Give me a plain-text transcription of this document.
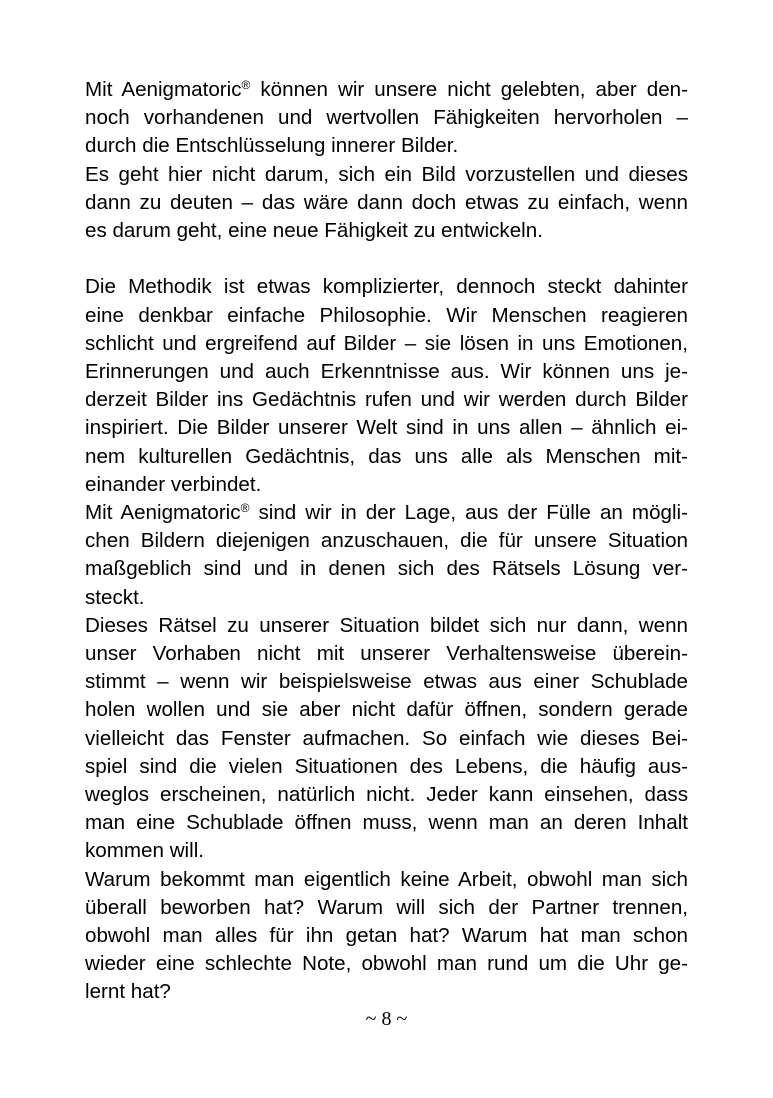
Mit Aenigmatoric® können wir unsere nicht gelebten, aber den-
noch vorhandenen und wertvollen Fähigkeiten hervorholen –
durch die Entschlüsselung innerer Bilder.
Es geht hier nicht darum, sich ein Bild vorzustellen und dieses
dann zu deuten – das wäre dann doch etwas zu einfach, wenn
es darum geht, eine neue Fähigkeit zu entwickeln.
Die Methodik ist etwas komplizierter, dennoch steckt dahinter
eine denkbar einfache Philosophie. Wir Menschen reagieren
schlicht und ergreifend auf Bilder – sie lösen in uns Emotionen,
Erinnerungen und auch Erkenntnisse aus. Wir können uns je-
derzeit Bilder ins Gedächtnis rufen und wir werden durch Bilder
inspiriert. Die Bilder unserer Welt sind in uns allen – ähnlich ei-
nem kulturellen Gedächtnis, das uns alle als Menschen mit-
einander verbindet.
Mit Aenigmatoric® sind wir in der Lage, aus der Fülle an mögli-
chen Bildern diejenigen anzuschauen, die für unsere Situation
maßgeblich sind und in denen sich des Rätsels Lösung ver-
steckt.
Dieses Rätsel zu unserer Situation bildet sich nur dann, wenn
unser Vorhaben nicht mit unserer Verhaltensweise überein-
stimmt – wenn wir beispielsweise etwas aus einer Schublade
holen wollen und sie aber nicht dafür öffnen, sondern gerade
vielleicht das Fenster aufmachen. So einfach wie dieses Bei-
spiel sind die vielen Situationen des Lebens, die häufig aus-
weglos erscheinen, natürlich nicht. Jeder kann einsehen, dass
man eine Schublade öffnen muss, wenn man an deren Inhalt
kommen will.
Warum bekommt man eigentlich keine Arbeit, obwohl man sich
überall beworben hat? Warum will sich der Partner trennen,
obwohl man alles für ihn getan hat? Warum hat man schon
wieder eine schlechte Note, obwohl man rund um die Uhr ge-
lernt hat?
~ 8 ~
